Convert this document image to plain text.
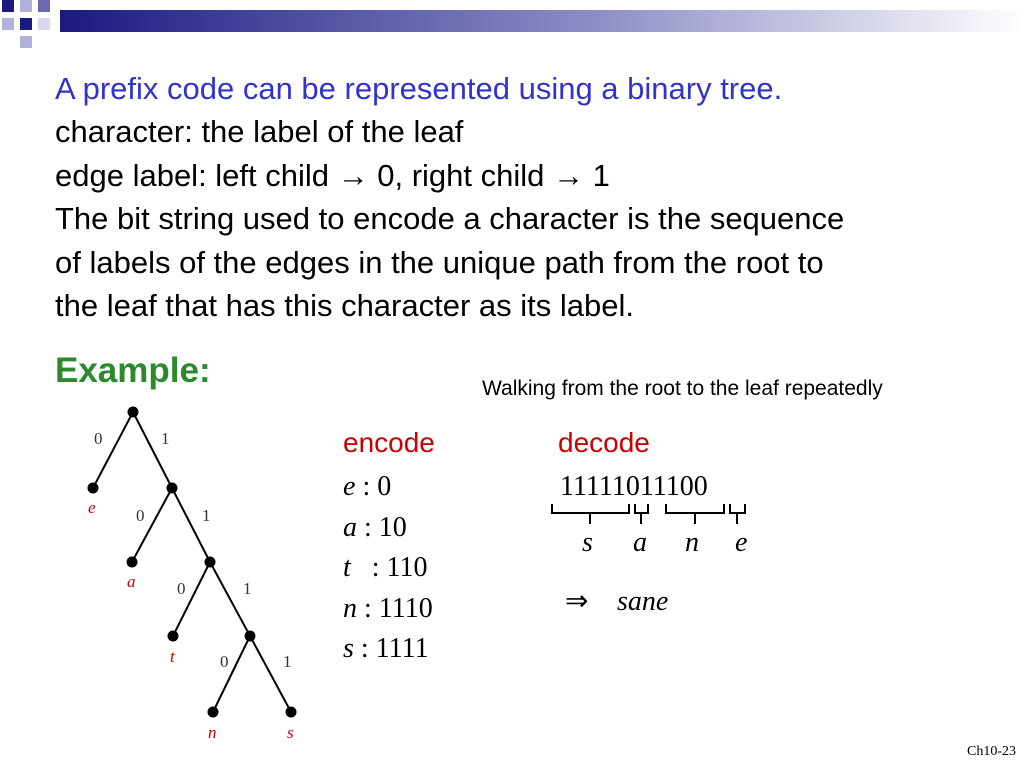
A prefix code can be represented using a binary tree.
character: the label of the leaf
edge label: left child → 0, right child → 1
The bit string used to encode a character is the sequence
of labels of the edges in the unique path from the root to
the leaf that has this character as its label.
Example:	Walking from the root to the leaf repeatedly
0	1
0	1
0	1
0	1
e
a
t
n	s
encode
e : 0
a : 10
t   : 110
n : 1110
s : 1111
decode
11111011100
s a n e
⇒ sane
Ch10-23
